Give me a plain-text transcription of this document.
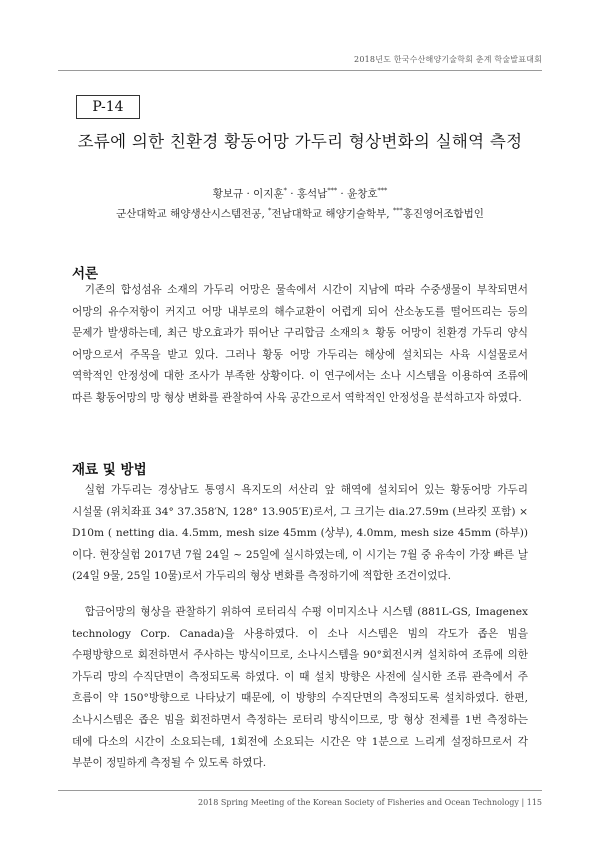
2018년도 한국수산해양기술학회 춘계 학술발표대회
P-14
조류에 의한 친환경 황동어망 가두리 형상변화의 실해역 측정
황보규 · 이지훈* · 홍석남*** · 윤창호***
군산대학교 해양생산시스템전공, *전남대학교 해양기술학부, ***홍진영어조합법인
서론
기존의 합성섬유 소재의 가두리 어망은 물속에서 시간이 지남에 따라 수중생물이 부착되면서 어망의 유수저항이 커지고 어망 내부로의 해수교환이 어렵게 되어 산소농도를 떨어뜨리는 등의 문제가 발생하는데, 최근 방오효과가 뛰어난 구리합금 소재의ㅊ 황동 어망이 친환경 가두리 양식 어망으로서 주목을 받고 있다. 그러나 황동 어망 가두리는 해상에 설치되는 사육 시설물로서 역학적인 안정성에 대한 조사가 부족한 상황이다. 이 연구에서는 소나 시스템을 이용하여 조류에 따른 황동어망의 망 형상 변화를 관찰하여 사육 공간으로서 역학적인 안정성을 분석하고자 하였다.
재료 및 방법
실험 가두리는 경상남도 통영시 욕지도의 서산리 앞 해역에 설치되어 있는 황동어망 가두리 시설물 (위치좌표 34° 37.358′N, 128° 13.905′E)로서, 그 크기는 dia.27.59m (브라킷 포함) × D10m ( netting dia. 4.5mm, mesh size 45mm (상부), 4.0mm, mesh size 45mm (하부)) 이다. 현장실험 2017년 7월 24일 ~ 25일에 실시하였는데, 이 시기는 7월 중 유속이 가장 빠른 날 (24일 9물, 25일 10물)로서 가두리의 형상 변화를 측정하기에 적합한 조건이었다.
합금어망의 형상을 관찰하기 위하여 로터리식 수평 이미지소나 시스템 (881L-GS, Imagenex technology Corp. Canada)을 사용하였다. 이 소나 시스템은 빔의 각도가 좁은 빔을 수평방향으로 회전하면서 주사하는 방식이므로, 소나시스템을 90°회전시켜 설치하여 조류에 의한 가두리 망의 수직단면이 측정되도록 하였다. 이 때 설치 방향은 사전에 실시한 조류 관측에서 주 흐름이 약 150°방향으로 나타났기 때문에, 이 방향의 수직단면의 측정되도록 설치하였다. 한편, 소나시스템은 좁은 빔을 회전하면서 측정하는 로터리 방식이므로, 망 형상 전체를 1번 측정하는 데에 다소의 시간이 소요되는데, 1회전에 소요되는 시간은 약 1분으로 느리게 설정하므로서 각 부분이 정밀하게 측정될 수 있도록 하였다.
2018 Spring Meeting of the Korean Society of Fisheries and Ocean Technology | 115
